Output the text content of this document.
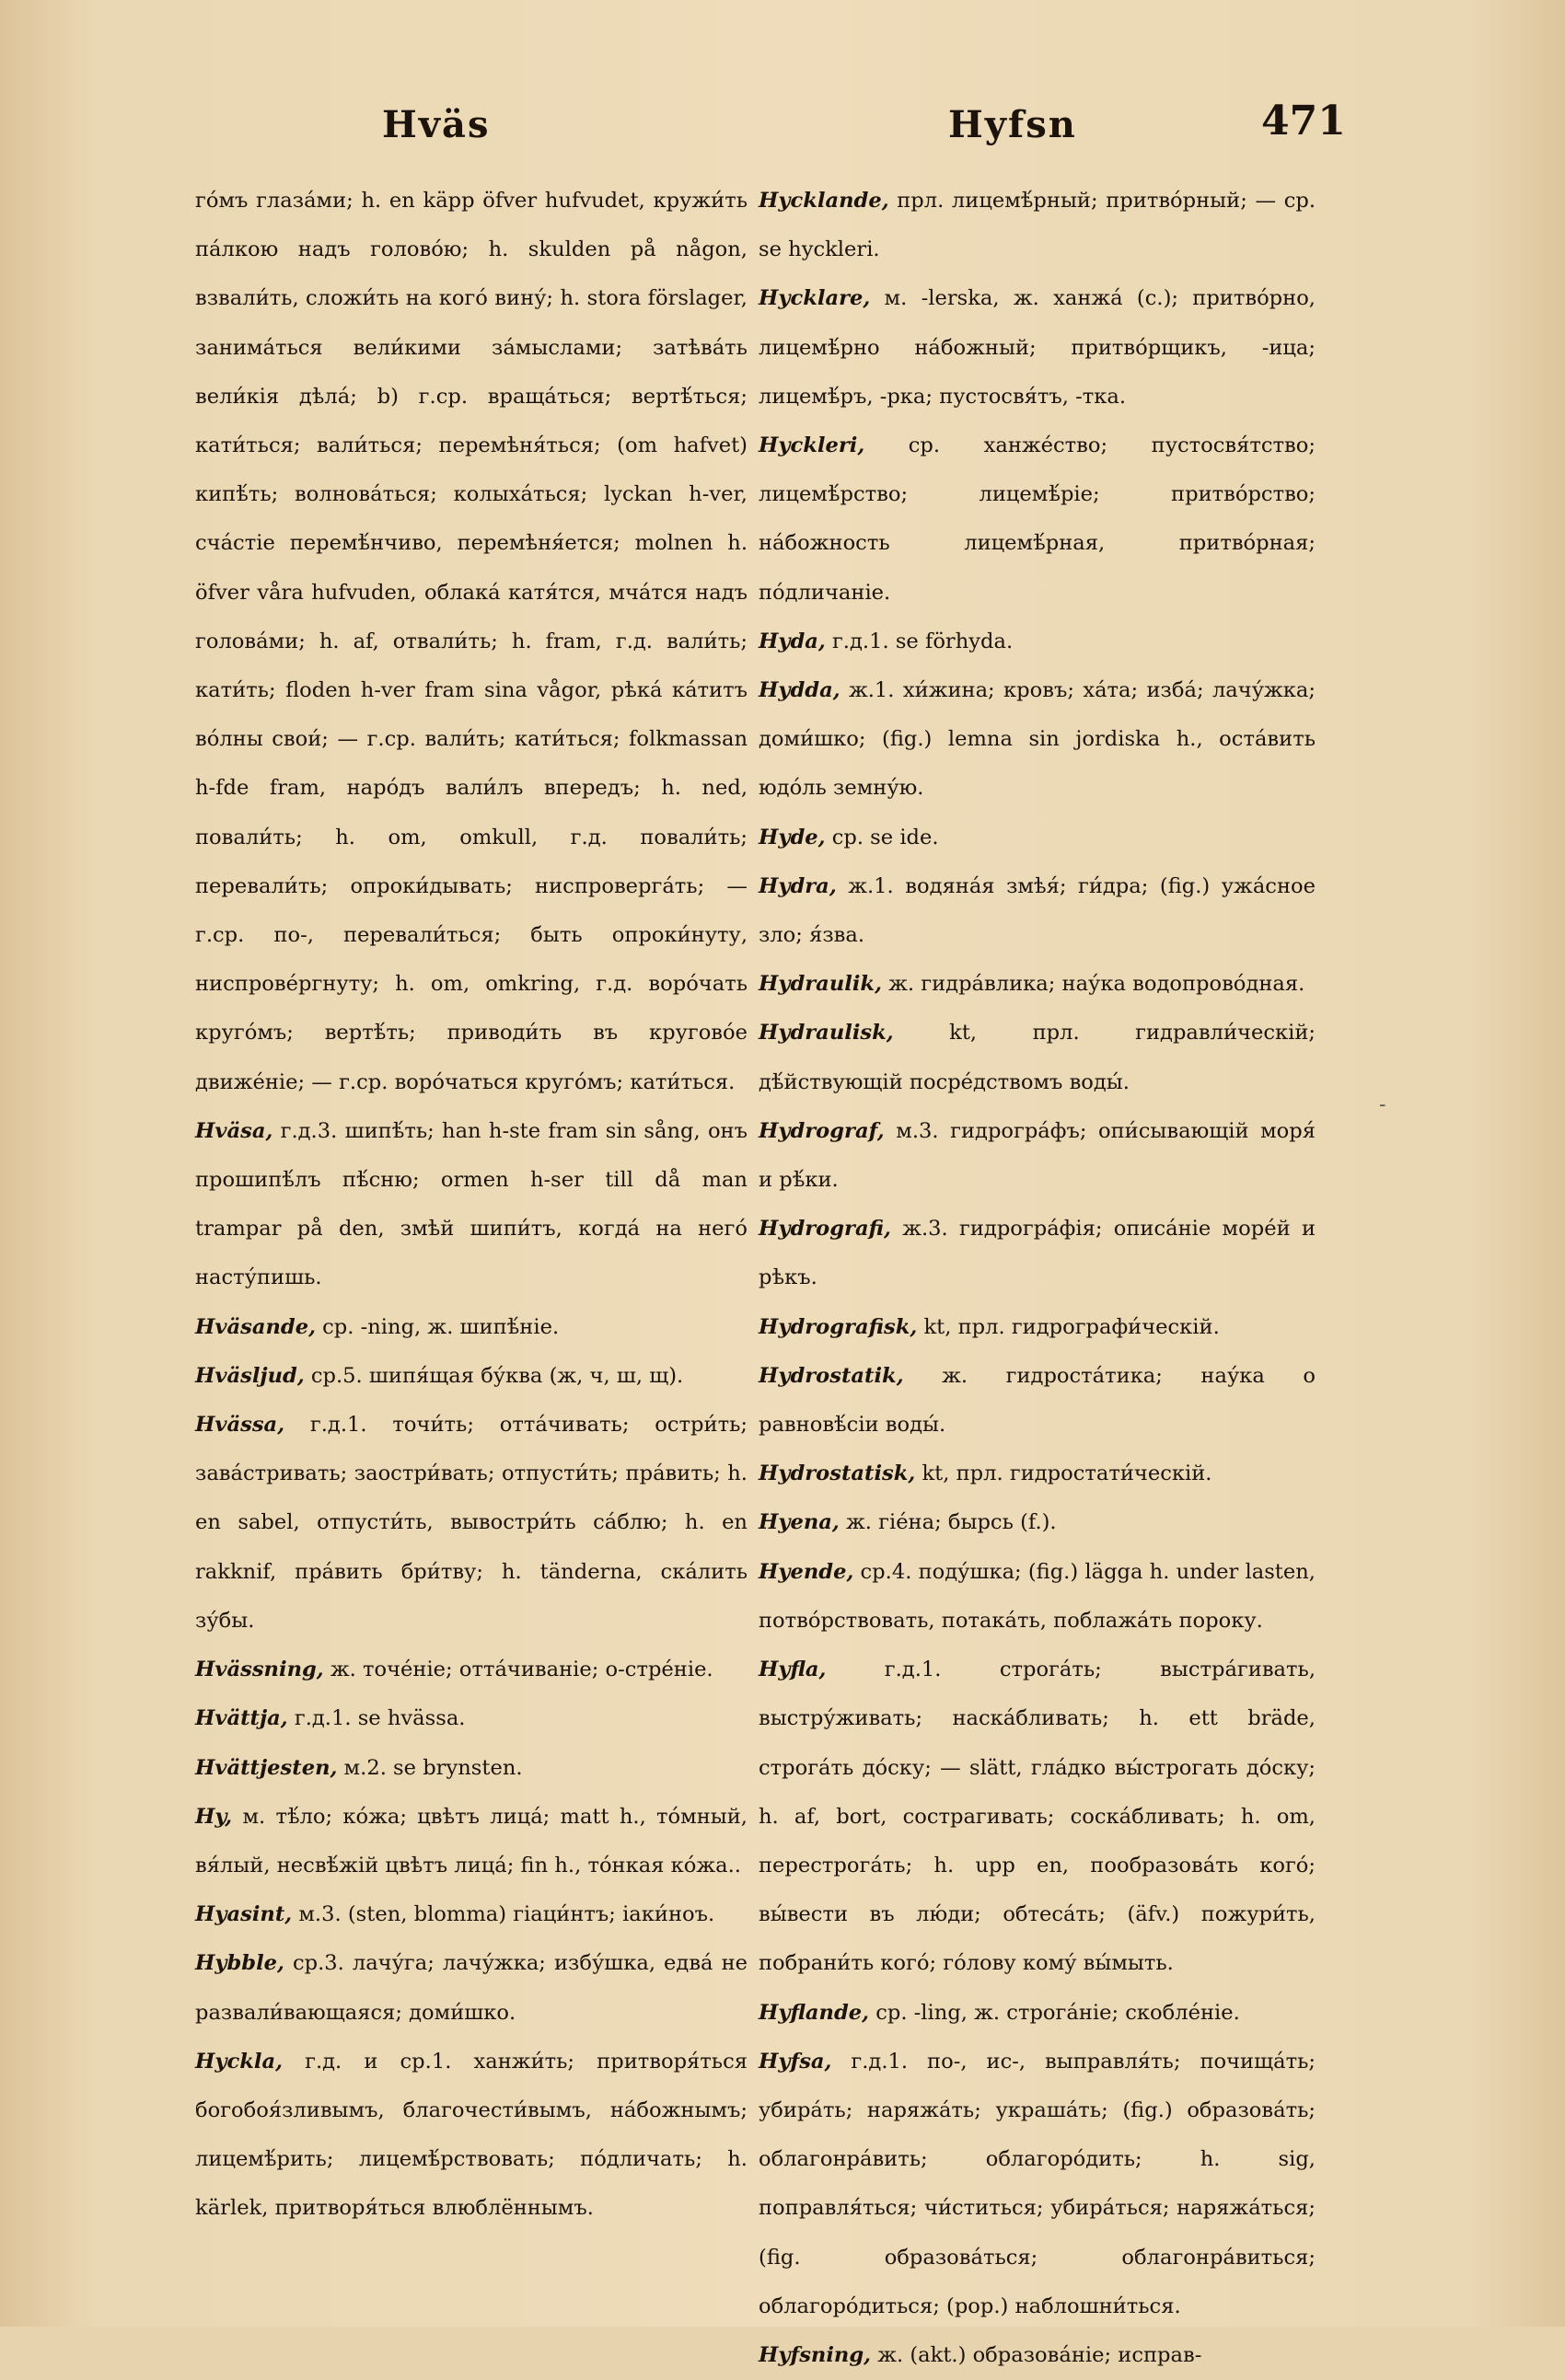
Hväs	Hyfsn	471

го́мъ глаза́ми; h. en käpp öfver hufvudet, кружи́ть па́лкою надъ голово́ю; h. skulden på någon, взвали́ть, сложи́ть на кого́ вину́; h. stora förslager, занима́ться вели́кими за́мыслами; затѣва́ть вели́кія дѣла́; b) г.ср. враща́ться; вертѣ́ться; кати́ться; вали́ться; перемѣня́ться; (om hafvet) кипѣ́ть; волнова́ться; колыха́ться; lyckan h-ver, сча́стіе перемѣ́нчиво, перемѣня́ется; molnen h. öfver våra hufvuden, облака́ катя́тся, мча́тся надъ голова́ми; h. af, отвали́ть; h. fram, г.д. вали́ть; кати́ть; floden h-ver fram sina vågor, рѣка́ ка́титъ во́лны свои́; — г.ср. вали́ть; кати́ться; folkmassan h-fde fram, наро́дъ вали́лъ впередъ; h. ned, повали́ть; h. om, omkull, г.д. повали́ть; перевали́ть; опроки́дывать; ниспроверга́ть; — г.ср. по-, перевали́ться; быть опроки́нуту, ниспрове́ргнуту; h. om, omkring, г.д. воро́чать круго́мъ; вертѣ́ть; приводи́ть въ кругово́е движе́ніе; — г.ср. воро́чаться круго́мъ; кати́ться.

Hväsa, г.д.3. шипѣ́ть; han h-ste fram sin sång, онъ прошипѣ́лъ пѣ́сню; ormen h-ser till då man trampar på den, змѣй шипи́тъ, когда́ на него́ насту́пишь.

Hväsande, ср. -ning, ж. шипѣ́ніе.

Hväsljud, ср.5. шипя́щая бу́ква (ж, ч, ш, щ).

Hvässa, г.д.1. точи́ть; отта́чивать; остри́ть; зава́стривать; заостри́вать; отпусти́ть; пра́вить; h. en sabel, отпусти́ть, вывостри́ть са́блю; h. en rakknif, пра́вить бри́тву; h. tänderna, ска́лить зу́бы.

Hvässning, ж. точе́ніе; отта́чиваніе; о-стре́ніе.

Hvättja, г.д.1. se hvässa.

Hvättjesten, м.2. se brynsten.

Hy, м. тѣ́ло; ко́жа; цвѣтъ лица́; matt h., то́мный, вя́лый, несвѣ́жій цвѣтъ лица́; fin h., то́нкая ко́жа..

Hyasint, м.3. (sten, blomma) гіаци́нтъ; іаки́ноъ.

Hybble, ср.3. лачу́га; лачу́жка; избу́шка, едва́ не развали́вающаяся; доми́шко.

Hyckla, г.д. и ср.1. ханжи́ть; притворя́ться богобоя́зливымъ, благочести́вымъ, на́божнымъ; лицемѣ́рить; лицемѣ́рствовать; по́дличать; h. kärlek, притворя́ться влюблённымъ.

Hycklande, прл. лицемѣ́рный; притво́рный; — ср. se hyckleri.

Hycklare, м. -lerska, ж. ханжа́ (с.); притво́рно, лицемѣ́рно на́божный; притво́рщикъ, -ица; лицемѣ́ръ, -рка; пустосвя́тъ, -тка.

Hyckleri, ср. ханже́ство; пустосвя́тство; лицемѣ́рство; лицемѣ́ріе; притво́рство; на́божность лицемѣ́рная, притво́рная; по́дличаніе.

Hyda, г.д.1. se förhyda.

Hydda, ж.1. хи́жина; кровъ; ха́та; изба́; лачу́жка; доми́шко; (fig.) lemna sin jordiska h., оста́вить юдо́ль земну́ю.

Hyde, ср. se ide.

Hydra, ж.1. водяна́я змѣя́; ги́дра; (fig.) ужа́сное зло; я́зва.

Hydraulik, ж. гидра́влика; нау́ка водопрово́дная.

Hydraulisk, kt, прл. гидравли́ческій; дѣ́йствующій посре́дствомъ воды́.

Hydrograf, м.3. гидрогра́фъ; опи́сывающій моря́ и рѣ́ки.

Hydrografi, ж.3. гидрогра́фія; описа́ніе море́й и рѣкъ.

Hydrografisk, kt, прл. гидрографи́ческій.

Hydrostatik, ж. гидроста́тика; нау́ка о равновѣ́сіи воды́.

Hydrostatisk, kt, прл. гидростати́ческій.

Hyena, ж. гіе́на; бырсь (f.).

Hyende, ср.4. поду́шка; (fig.) lägga h. under lasten, потво́рствовать, потака́ть, поблажа́ть пороку.

Hyfla, г.д.1. строга́ть; выстра́гивать, выстру́живать; наска́бливать; h. ett bräde, строга́ть до́ску; — slätt, гла́дко вы́строгать до́ску; h. af, bort, сострагивать; соска́бливать; h. om, перестрога́ть; h. upp en, пообразова́ть кого́; вы́вести въ лю́ди; обтеса́ть; (äfv.) пожури́ть, побрани́ть кого́; го́лову кому́ вы́мыть.

Hyflande, ср. -ling, ж. строга́ніе; скобле́ніе.

Hyfsa, г.д.1. по-, ис-, выправля́ть; почища́ть; убира́ть; наряжа́ть; украша́ть; (fig.) образова́ть; облагонра́вить; облагоро́дить; h. sig, поправля́ться; чи́ститься; убира́ться; наряжа́ться; (fig. образова́ться; облагонра́виться; облагоро́диться; (pop.) наблошни́ться.

Hyfsning, ж. (akt.) образова́ніе; исправ-

-
